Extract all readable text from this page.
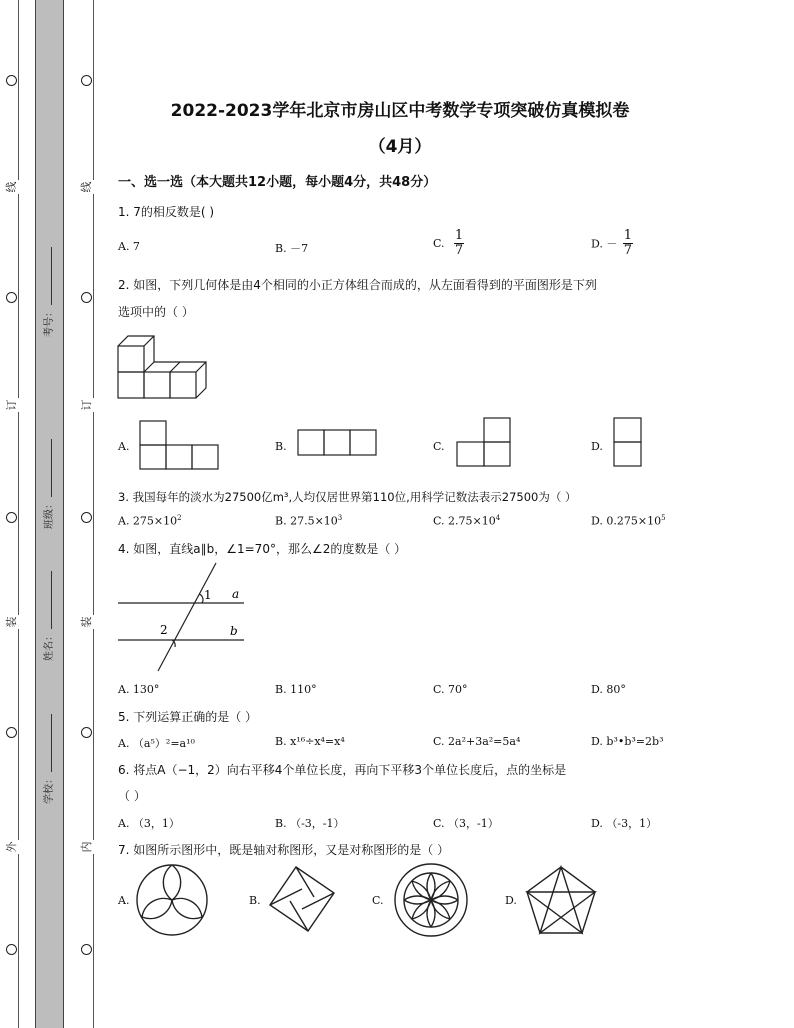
线
订
装
外
线
订
装
内
考号：
班级：
姓名：
学校：
2022-2023学年北京市房山区中考数学专项突破仿真模拟卷
（4月）
一、选一选（本大题共12小题，每小题4分，共48分）
1. 7的相反数是( )
A. 7	B. －7	C. $\frac{1}{7}$	D. － $\frac{1}{7}$
2. 如图，下列几何体是由4个相同的小正方体组合而成的，从左面看得到的平面图形是下列
选项中的（ ）
A.	B.	C.	D.
3. 我国每年的淡水为27500亿m³,人均仅居世界第110位,用科学记数法表示27500为（ ）
A. $275\times 10^2$	B. $27.5\times 10^3$	C. $2.75\times 10^4$	D. $0.275\times 10^5$
4. 如图，直线a∥b，∠1=70°，那么∠2的度数是（ ）
1 a
2	b
A. 130°	B. 110°	C. 70°	D. 80°
5. 下列运算正确的是（ ）
A. （a⁵）²=a¹⁰	B. x¹⁶÷x⁴=x⁴	C. 2a²+3a²=5a⁴	D. b³•b³=2b³
6. 将点A（−1，2）向右平移4个单位长度，再向下平移3个单位长度后，点的坐标是
（ ）
A. （3，1）	B. （-3，-1）	C. （3，-1）	D. （-3，1）
7. 如图所示图形中，既是轴对称图形，又是对称图形的是（ ）
A.	B.	C.	D.
